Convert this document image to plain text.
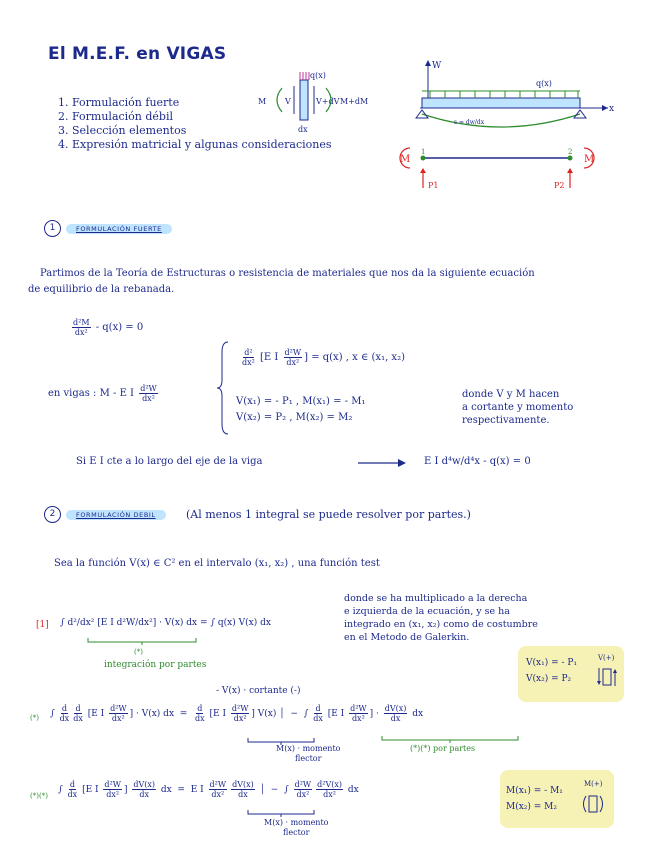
El M.E.F. en VIGAS
1. Formulación fuerte
2. Formulación débil
3. Selección elementos
4. Expresión matricial y algunas consideraciones
q(x)
M V	V+dV M+dM
dx
W
x
q(x)
s = dw/dx
1	2
M	M
P1	P2
1	FORMULACIÓN FUERTE
Partimos de la Teoría de Estructuras o resistencia de materiales que nos da la siguiente ecuación
de equilibrio de la rebanada.
$\frac{\text{d²M}}{\text{dx²}} - q(x) = 0$
en vigas : M - E I $\frac{\text{d²W}}{\text{dx²}}$
$\frac{\text{d²}}{\text{dx²}} [E$ I $\frac{\text{d²W}}{\text{dx²}}$ ] = q(x) , x ∈ (x₁, x₂)
V(x₁) = - P₁ , M(x₁) = - M₁
V(x₂) = P₂ , M(x₂) = M₂
donde V y M hacen
a cortante y momento
respectivamente.
Si E I cte a lo largo del eje de la viga	E I d⁴w/d⁴x - q(x) = 0
2	FORMULACIÓN DEBIL	(Al menos 1 integral se puede resolver por partes.)
Sea la función V(x) ∈ C² en el intervalo (x₁, x₂) , una función test
[1] ∫ d²/dx² [E I d²W/dx²] · V(x) dx = ∫ q(x) V(x) dx
(*)
integración por partes
donde se ha multiplicado a la derecha
e izquierda de la ecuación, y se ha
integrado en (x₁, x₂) como de costumbre
en el Metodo de Galerkin.
V(x₁) = - P₁
V(x₂) = P₂
V(+)
- V(x) · cortante (-)
(*) ∫ $\frac{d}{dx} \frac{d}{dx} [E$ I $\frac{\text{d²W}}{\text{dx²}}$ ] · V(x) dx  = $\frac{d}{dx} [E$ I $\frac{\text{d²W}}{\text{dx²}}$ ] V(x) │  −  ∫ $\frac{d}{dx} [E$ I $\frac{\text{d²W}}{\text{dx²}}$ ] · $\frac{dV(x)}{dx}$ dx
M(x) · momento
flector
(*)(*) por partes
(*)(*)
∫ $\frac{d}{dx} [E$ I $\frac{\text{d²W}}{\text{dx²}}$ ] $\frac{dV(x)}{dx}$ dx  =  E I $\frac{\text{d²W}}{\text{dx²}} \frac{dV(x)}{dx}$ │  −  ∫ $\frac{\text{d²W}}{\text{dx²}} \frac{\text{d²V(x)}}{\text{dx²}}$ dx
M(x) · momento
flector
M(x₁) = - M₁
M(x₂) = M₂
M(+)
